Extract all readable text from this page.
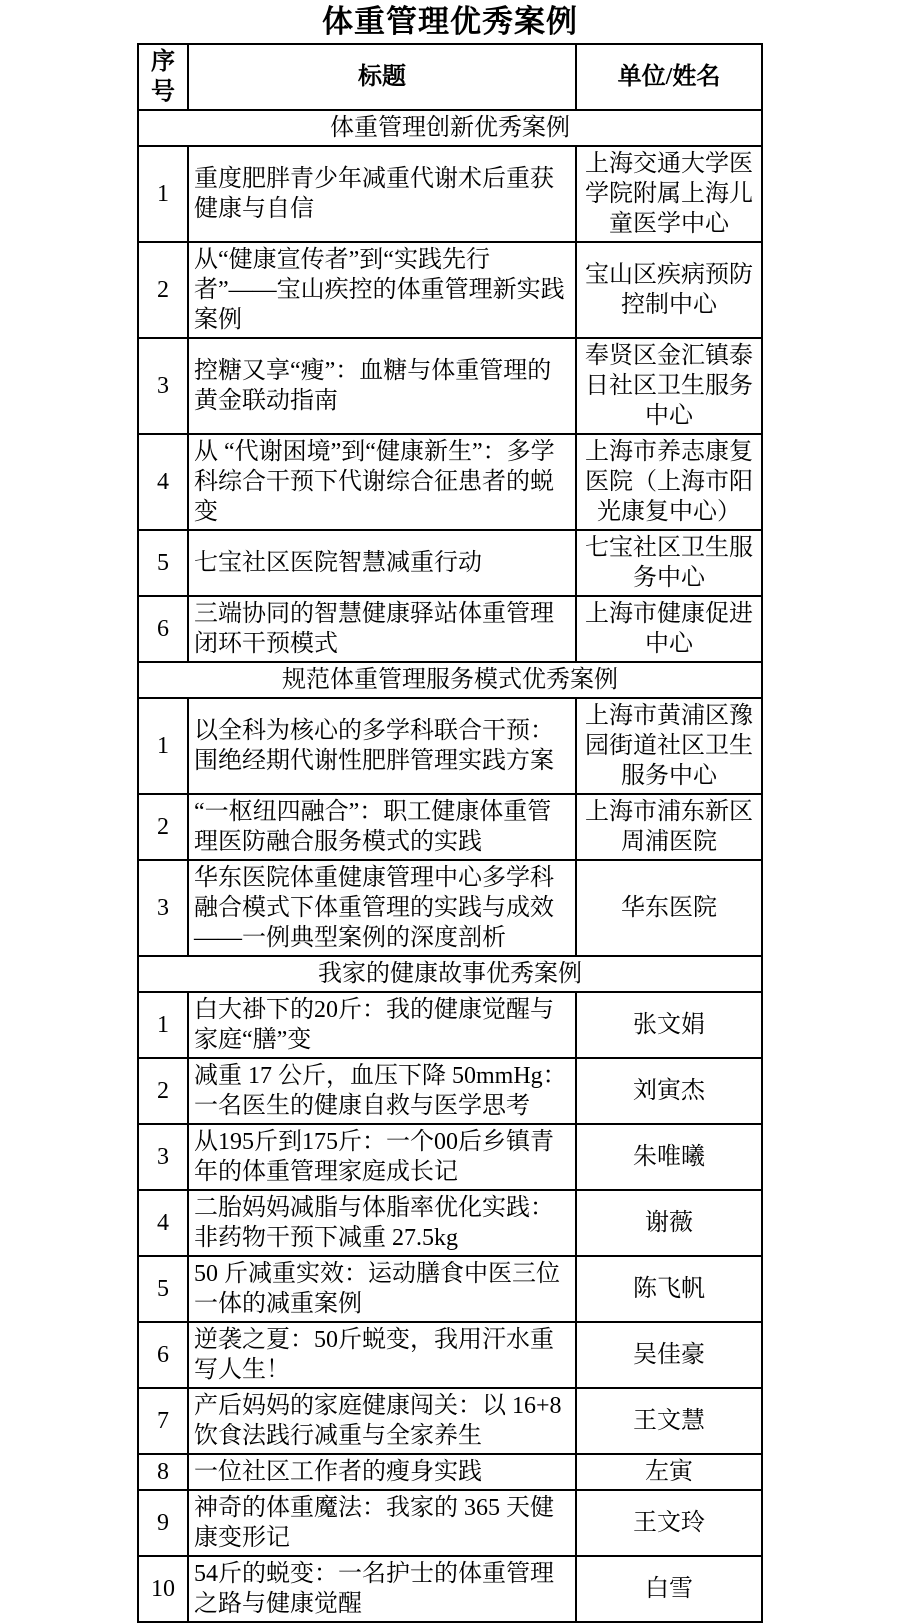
体重管理优秀案例
序号	标题	单位/姓名
体重管理创新优秀案例		
1	重度肥胖青少年减重代谢术后重获健康与自信	上海交通大学医学院附属上海儿童医学中心
2	从“健康宣传者”到“实践先行者”——宝山疾控的体重管理新实践案例	宝山区疾病预防控制中心
3	控糖又享“瘦”：血糖与体重管理的黄金联动指南	奉贤区金汇镇泰日社区卫生服务中心
4	从 “代谢困境”到“健康新生”：多学科综合干预下代谢综合征患者的蜕变	上海市养志康复医院（上海市阳光康复中心）
5	七宝社区医院智慧减重行动	七宝社区卫生服务中心
6	三端协同的智慧健康驿站体重管理闭环干预模式	上海市健康促进中心
规范体重管理服务模式优秀案例		
1	以全科为核心的多学科联合干预：围绝经期代谢性肥胖管理实践方案	上海市黄浦区豫园街道社区卫生服务中心
2	“一枢纽四融合”：职工健康体重管理医防融合服务模式的实践	上海市浦东新区周浦医院
3	华东医院体重健康管理中心多学科融合模式下体重管理的实践与成效——一例典型案例的深度剖析	华东医院
我家的健康故事优秀案例		
1	白大褂下的20斤：我的健康觉醒与家庭“膳”变	张文娟
2	减重 17 公斤，血压下降 50mmHg：一名医生的健康自救与医学思考	刘寅杰
3	从195斤到175斤：一个00后乡镇青年的体重管理家庭成长记	朱唯曦
4	二胎妈妈减脂与体脂率优化实践：非药物干预下减重 27.5kg	谢薇
5	50 斤减重实效：运动膳食中医三位一体的减重案例	陈飞帆
6	逆袭之夏：50斤蜕变，我用汗水重写人生！	吴佳豪
7	产后妈妈的家庭健康闯关：以 16+8 饮食法践行减重与全家养生	王文慧
8	一位社区工作者的瘦身实践	左寅
9	神奇的体重魔法：我家的 365 天健康变形记	王文玲
10	54斤的蜕变：一名护士的体重管理之路与健康觉醒	白雪
